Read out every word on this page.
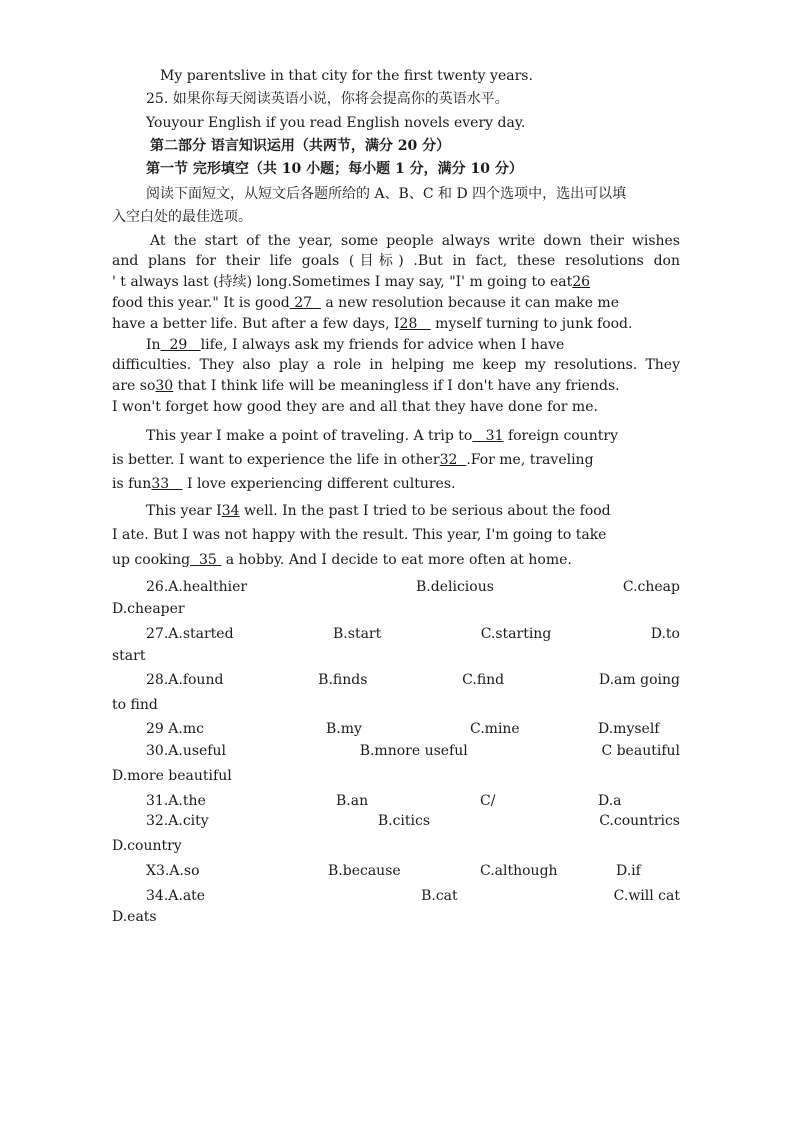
My parentslive in that city for the first twenty years.
25. 如果你每天阅读英语小说，你将会提高你的英语水平。
Youyour English if you read English novels every day.
第二部分 语言知识运用（共两节，满分 20 分）
第一节 完形填空（共 10 小题；每小题 1 分，满分 10 分）
阅读下面短文，从短文后各题所给的 A、B、C 和 D 四个选项中，选出可以填
入空白处的最佳选项。
At the start of the year, some people always write down their wishes
and plans for their life goals (目标) .But in fact, these resolutions don
' t always last (持续) long.Sometimes I may say, "I' m going to eat26
food this year." It is good 27   a new resolution because it can make me
have a better life. But after a few days, I28    myself turning to junk food.
In 29 life, I always ask my friends for advice when I have
difficulties. They also play a role in helping me keep my resolutions. They
are so30 that I think life will be meaningless if I don't have any friends.
I won't forget how good they are and all that they have done for me.
This year I make a point of traveling. A trip to 31 foreign country
is better. I want to experience the life in other32 .For me, traveling
is fun33    I love experiencing different cultures.
This year I34 well. In the past I tried to be serious about the food
I ate. But I was not happy with the result. This year, I'm going to take
up cooking 35  a hobby. And I decide to eat more often at home.
26.A.healthier	B.delicious	C.cheap
D.cheaper
27.A.started	B.start	C.starting	D.to
start
28.A.found	B.finds	C.find	D.am going
to find
29 A.mc	B.my	C.mine	D.myself
30.A.useful	B.mnore useful	C beautiful
D.more beautiful
31.A.the	B.an	C/	D.a
32.A.city	B.citics	C.countrics
D.country
X3.A.so	B.because	C.although	D.if
34.A.ate	B.cat	C.will cat
D.eats
